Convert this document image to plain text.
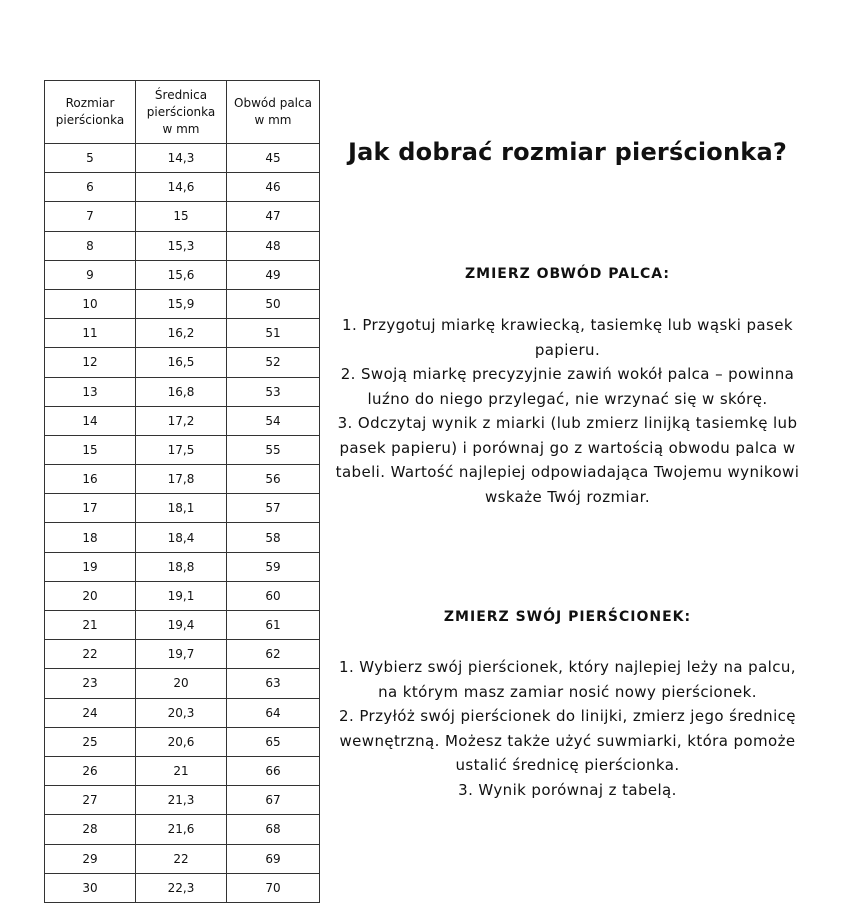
Rozmiar pierścionka	Średnica pierścionka w mm	Obwód palca w mm
5	14,3	45
6	14,6	46
7	15	47
8	15,3	48
9	15,6	49
10	15,9	50
11	16,2	51
12	16,5	52
13	16,8	53
14	17,2	54
15	17,5	55
16	17,8	56
17	18,1	57
18	18,4	58
19	18,8	59
20	19,1	60
21	19,4	61
22	19,7	62
23	20	63
24	20,3	64
25	20,6	65
26	21	66
27	21,3	67
28	21,6	68
29	22	69
30	22,3	70
Jak dobrać rozmiar pierścionka?
ZMIERZ OBWÓD PALCA:
1. Przygotuj miarkę krawiecką, tasiemkę lub wąski pasek papieru.
2. Swoją miarkę precyzyjnie zawiń wokół palca – powinna luźno do niego przylegać, nie wrzynać się w skórę.
3. Odczytaj wynik z miarki (lub zmierz linijką tasiemkę lub pasek papieru) i porównaj go z wartością obwodu palca w tabeli. Wartość najlepiej odpowiadająca Twojemu wynikowi wskaże Twój rozmiar.
ZMIERZ SWÓJ PIERŚCIONEK:
1. Wybierz swój pierścionek, który najlepiej leży na palcu, na którym masz zamiar nosić nowy pierścionek.
2. Przyłóż swój pierścionek do linijki, zmierz jego średnicę wewnętrzną. Możesz także użyć suwmiarki, która pomoże ustalić średnicę pierścionka.
3. Wynik porównaj z tabelą.
